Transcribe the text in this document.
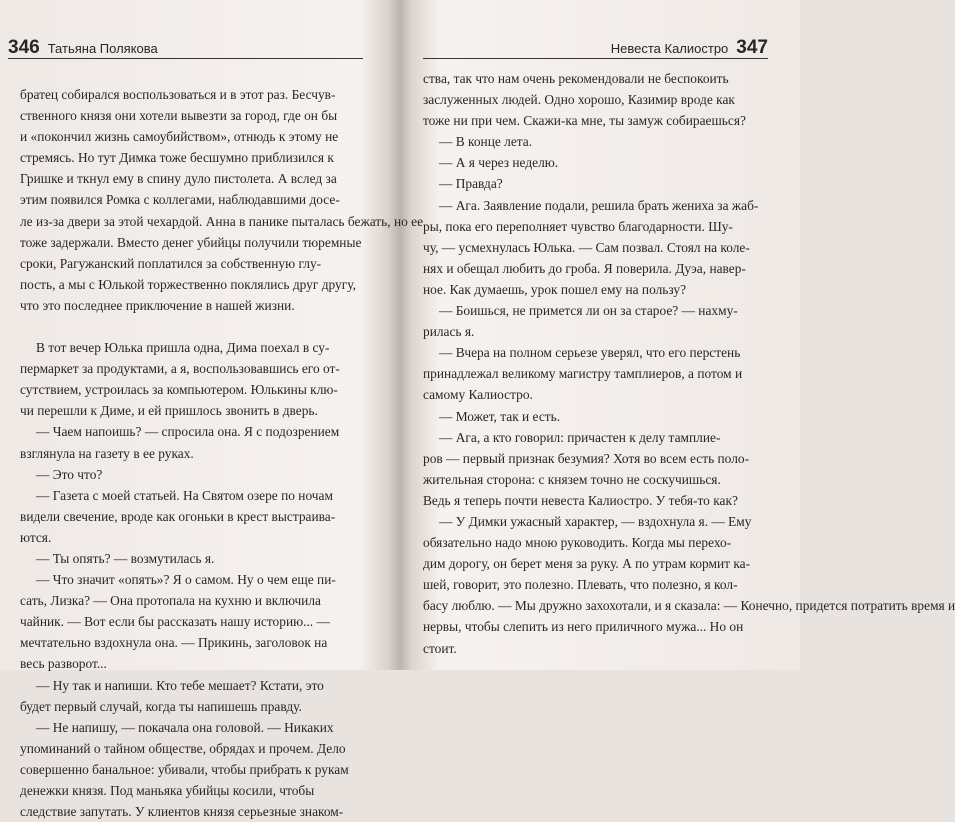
346 Татьяна Полякова
братец собирался воспользоваться и в этот раз. Бесчув-
ственного князя они хотели вывезти за город, где он бы
и «покончил жизнь самоубийством», отнюдь к этому не
стремясь. Но тут Димка тоже бесшумно приблизился к
Гришке и ткнул ему в спину дуло пистолета. А вслед за
этим появился Ромка с коллегами, наблюдавшими досе-
ле из-за двери за этой чехардой. Анна в панике пыталась бежать, но ее
тоже задержали. Вместо денег убийцы получили тюремные
сроки, Рагужанский поплатился за собственную глу-
пость, а мы с Юлькой торжественно поклялись друг другу,
что это последнее приключение в нашей жизни.
В тот вечер Юлька пришла одна, Дима поехал в су-
пермаркет за продуктами, а я, воспользовавшись его от-
сутствием, устроилась за компьютером. Юлькины клю-
чи перешли к Диме, и ей пришлось звонить в дверь.
— Чаем напоишь? — спросила она. Я с подозрением
взглянула на газету в ее руках.
— Это что?
— Газета с моей статьей. На Святом озере по ночам
видели свечение, вроде как огоньки в крест выстраива-
ются.
— Ты опять? — возмутилась я.
— Что значит «опять»? Я о самом. Ну о чем еще пи-
сать, Лизка? — Она протопала на кухню и включила
чайник. — Вот если бы рассказать нашу историю... —
мечтательно вздохнула она. — Прикинь, заголовок на
весь разворот...
— Ну так и напиши. Кто тебе мешает? Кстати, это
будет первый случай, когда ты напишешь правду.
— Не напишу, — покачала она головой. — Никаких
упоминаний о тайном обществе, обрядах и прочем. Дело
совершенно банальное: убивали, чтобы прибрать к рукам
денежки князя. Под маньяка убийцы косили, чтобы
следствие запутать. У клиентов князя серьезные знаком-
Невеста Калиостро 347
ства, так что нам очень рекомендовали не беспокоить
заслуженных людей. Одно хорошо, Казимир вроде как
тоже ни при чем. Скажи-ка мне, ты замуж собираешься?
— В конце лета.
— А я через неделю.
— Правда?
— Ага. Заявление подали, решила брать жениха за жаб-
ры, пока его переполняет чувство благодарности. Шу-
чу, — усмехнулась Юлька. — Сам позвал. Стоял на коле-
нях и обещал любить до гроба. Я поверила. Дуэа, навер-
ное. Как думаешь, урок пошел ему на пользу?
— Боишься, не примется ли он за старое? — нахму-
рилась я.
— Вчера на полном серьезе уверял, что его перстень
принадлежал великому магистру тамплиеров, а потом и
самому Калиостро.
— Может, так и есть.
— Ага, а кто говорил: причастен к делу тамплие-
ров — первый признак безумия? Хотя во всем есть поло-
жительная сторона: с князем точно не соскучишься.
Ведь я теперь почти невеста Калиостро. У тебя-то как?
— У Димки ужасный характер, — вздохнула я. — Ему
обязательно надо мною руководить. Когда мы перехо-
дим дорогу, он берет меня за руку. А по утрам кормит ка-
шей, говорит, это полезно. Плевать, что полезно, я кол-
басу люблю. — Мы дружно захохотали, и я сказала: — Конечно, придется потратить время и
нервы, чтобы слепить из него приличного мужа... Но он
стоит.
